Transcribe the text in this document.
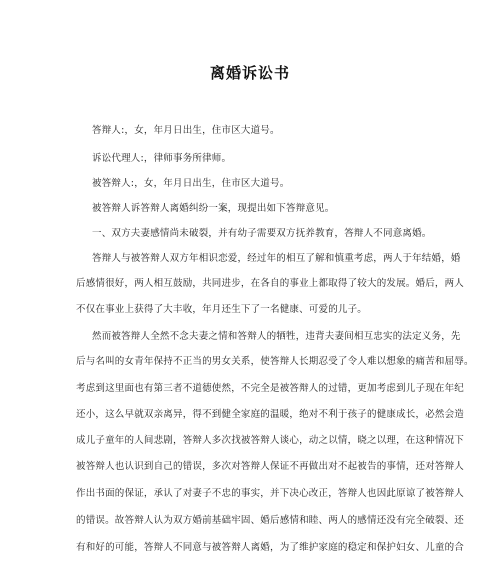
离婚诉讼书
答辩人:，女，年月日出生，住市区大道号。
诉讼代理人:，律师事务所律师。
被答辩人:，女，年月日出生，住市区大道号。
被答辩人诉答辩人离婚纠纷一案，现提出如下答辩意见。
一、双方夫妻感情尚未破裂，并有幼子需要双方抚养教育，答辩人不同意离婚。
答辩人与被答辩人双方年相识恋爱，经过年的相互了解和慎重考虑，两人于年结婚，婚
后感情很好，两人相互鼓励，共同进步，在各自的事业上都取得了较大的发展。婚后，两人
不仅在事业上获得了大丰收，年月还生下了一名健康、可爱的儿子。
然而被答辩人全然不念夫妻之情和答辩人的牺牲，违背夫妻间相互忠实的法定义务，先
后与名叫的女青年保持不正当的男女关系，使答辩人长期忍受了令人难以想象的痛苦和屈辱。
考虑到这里面也有第三者不道德使然，不完全是被答辩人的过错，更加考虑到儿子现在年纪
还小，这么早就双亲离异，得不到健全家庭的温暖，绝对不利于孩子的健康成长，必然会造
成儿子童年的人间悲剧，答辩人多次找被答辩人谈心，动之以情，晓之以理，在这种情况下
被答辩人也认识到自己的错误，多次对答辩人保证不再做出对不起被告的事情，还对答辩人
作出书面的保证，承认了对妻子不忠的事实，并下决心改正，答辩人也因此原谅了被答辩人
的错误。故答辩人认为双方婚前基础牢固、婚后感情和睦、两人的感情还没有完全破裂、还
有和好的可能，答辩人不同意与被答辩人离婚，为了维护家庭的稳定和保护妇女、儿童的合
